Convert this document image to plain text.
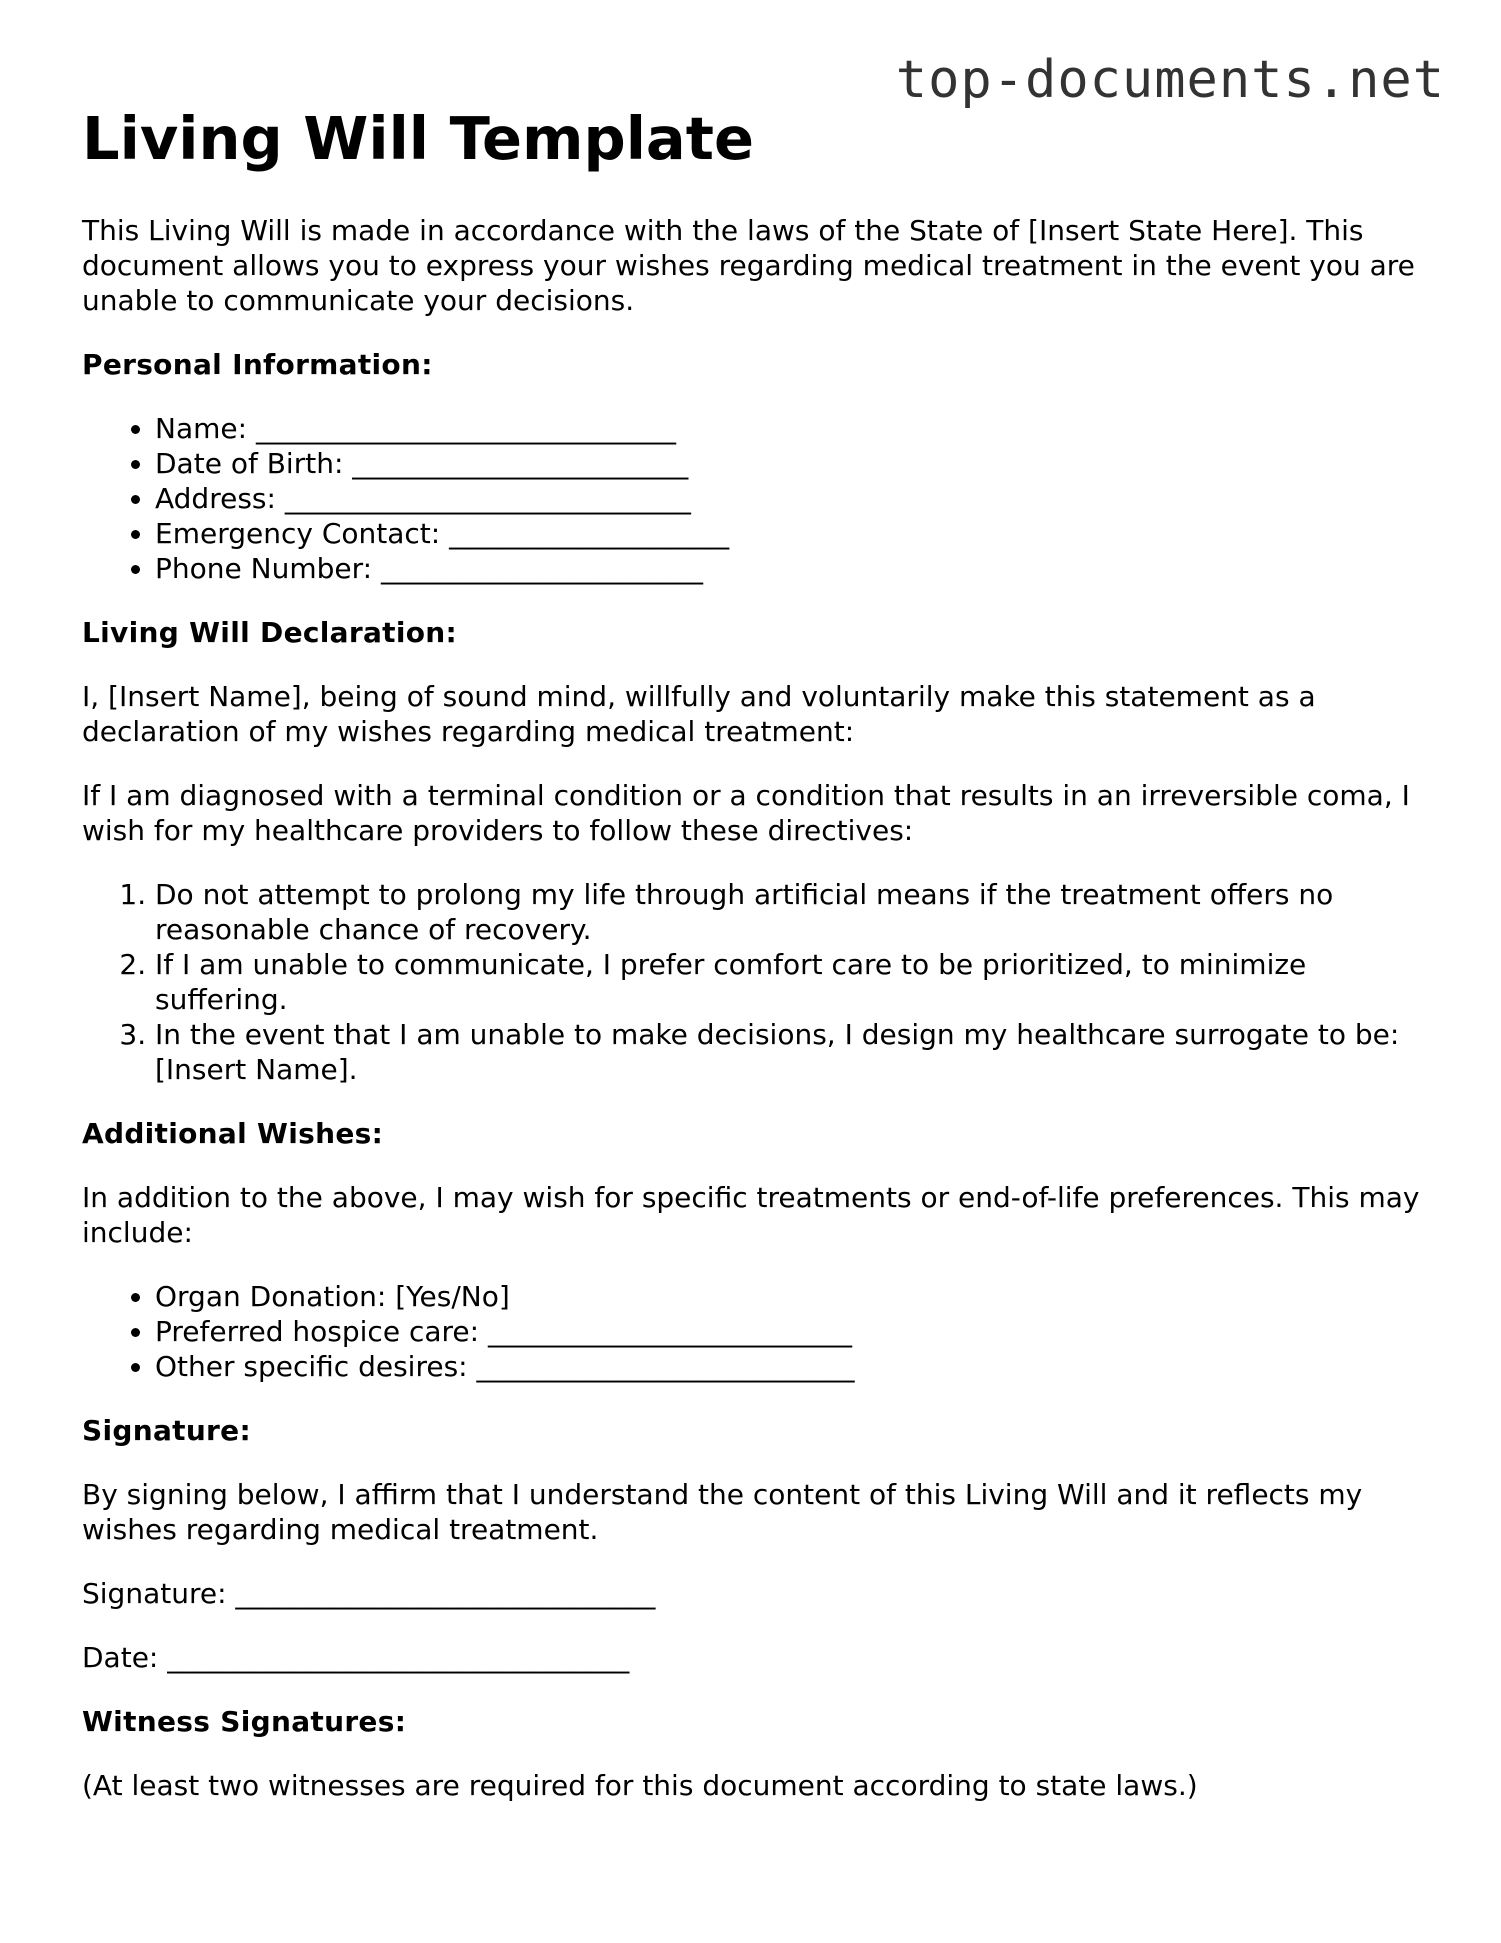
top-documents.net
Living Will Template

This Living Will is made in accordance with the laws of the State of [Insert State Here]. This document allows you to express your wishes regarding medical treatment in the event you are unable to communicate your decisions.

Personal Information:
• Name: ______________________________
• Date of Birth: ________________________
• Address: _____________________________
• Emergency Contact: ____________________
• Phone Number: _______________________
Living Will Declaration:

I, [Insert Name], being of sound mind, willfully and voluntarily make this statement as a declaration of my wishes regarding medical treatment:

If I am diagnosed with a terminal condition or a condition that results in an irreversible coma, I wish for my healthcare providers to follow these directives:

1. Do not attempt to prolong my life through artificial means if the treatment offers no reasonable chance of recovery.
2. If I am unable to communicate, I prefer comfort care to be prioritized, to minimize suffering.
3. In the event that I am unable to make decisions, I design my healthcare surrogate to be: [Insert Name].
Additional Wishes:

In addition to the above, I may wish for specific treatments or end-of-life preferences. This may include:

• Organ Donation: [Yes/No]
• Preferred hospice care: __________________________
• Other specific desires: ___________________________
Signature:

By signing below, I affirm that I understand the content of this Living Will and it reflects my wishes regarding medical treatment.

Signature: ______________________________

Date: _________________________________

Witness Signatures:

(At least two witnesses are required for this document according to state laws.)
